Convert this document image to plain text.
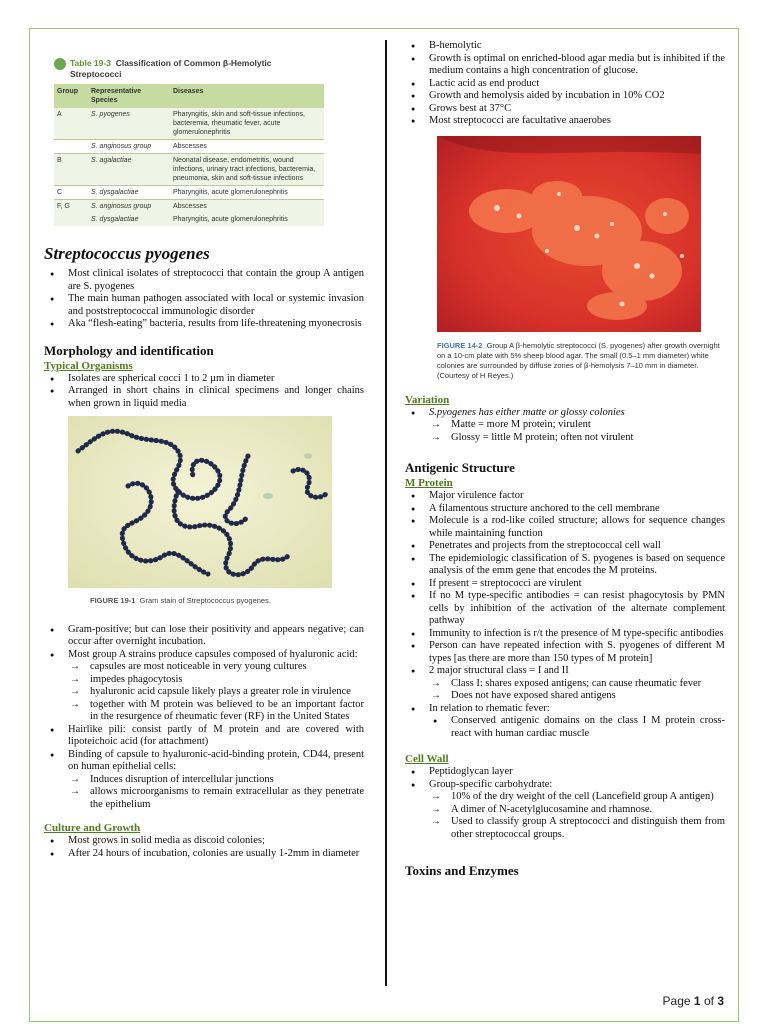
Table 19-3 Classification of Common β-Hemolytic Streptococci
Group	Representative Species	Diseases
A	S. pyogenes	Pharyngitis, skin and soft-tissue infections, bacteremia, rheumatic fever, acute glomerulonephritis
	S. anginosus group	Abscesses
B	S. agalactiae	Neonatal disease, endometritis, wound infections, urinary tract infections, bacteremia, pneumonia, skin and soft-tissue infections
C	S. dysgalactiae	Pharyngitis, acute glomerulonephritis
F, G	S. anginosus group	Abscesses
	S. dysgalactiae	Pharyngitis, acute glomerulonephritis
Streptococcus pyogenes
● Most clinical isolates of streptococci that contain the group A antigen are S. pyogenes
● The main human pathogen associated with local or systemic invasion and poststreptococcal immunologic disorder
● Aka “flesh-eating” bacteria, results from life-threatening myonecrosis
Morphology and identification
Typical Organisms
● Isolates are spherical cocci 1 to 2 µm in diameter
● Arranged in short chains in clinical specimens and longer chains when grown in liquid media
FIGURE 19-1 Gram stain of Streptococcus pyogenes.
● Gram-positive; but can lose their positivity and appears negative; can occur after overnight incubation.
● Most group A strains produce capsules composed of hyaluronic acid:
→ capsules are most noticeable in very young cultures
→ impedes phagocytosis
→ hyaluronic acid capsule likely plays a greater role in virulence
→ together with M protein was believed to be an important factor in the resurgence of rheumatic fever (RF) in the United States
● Hairlike pili: consist partly of M protein and are covered with lipoteichoic acid (for attachment)
● Binding of capsule to hyaluronic-acid-binding protein, CD44, present on human epithelial cells:
→ Induces disruption of intercellular junctions
→ allows microorganisms to remain extracellular as they penetrate the epithelium
Culture and Growth
● Most grows in solid media as discoid colonies;
● After 24 hours of incubation, colonies are usually 1-2mm in diameter
● B-hemolytic
● Growth is optimal on enriched-blood agar media but is inhibited if the medium contains a high concentration of glucose.
● Lactic acid as end product
● Growth and hemolysis aided by incubation in 10% CO2
● Grows best at 37°C
● Most streptococci are facultative anaerobes
FIGURE 14-2 Group A β-hemolytic streptococci (S. pyogenes) after growth overnight on a 10-cm plate with 5% sheep blood agar. The small (0.5–1 mm diameter) white colonies are surrounded by diffuse zones of β-hemolysis 7–10 mm in diameter. (Courtesy of H Reyes.)
Variation
● S.pyogenes has either matte or glossy colonies
→ Matte = more M protein; virulent
→ Glossy = little M protein; often not virulent
Antigenic Structure
M Protein
● Major virulence factor
● A filamentous structure anchored to the cell membrane
● Molecule is a rod-like coiled structure; allows for sequence changes while maintaining function
● Penetrates and projects from the streptococcal cell wall
● The epidemiologic classification of S. pyogenes is based on sequence analysis of the emm gene that encodes the M proteins.
● If present = streptococci are virulent
● If no M type-specific antibodies = can resist phagocytosis by PMN cells by inhibition of the activation of the alternate complement pathway
● Immunity to infection is r/t the presence of M type-specific antibodies
● Person can have repeated infection with S. pyogenes of different M types [as there are more than 150 types of M protein]
● 2 major structural class = I and II
→ Class I: shares exposed antigens; can cause rheumatic fever
→ Does not have exposed shared antigens
● In relation to rhematic fever:
● Conserved antigenic domains on the class I M protein cross-react with human cardiac muscle
Cell Wall
● Peptidoglycan layer
● Group-specific carbohydrate:
→ 10% of the dry weight of the cell (Lancefield group A antigen)
→ A dimer of N-acetylglucosamine and rhamnose.
→ Used to classify group A streptococci and distinguish them from other streptococcal groups.
Toxins and Enzymes
Page 1 of 3
